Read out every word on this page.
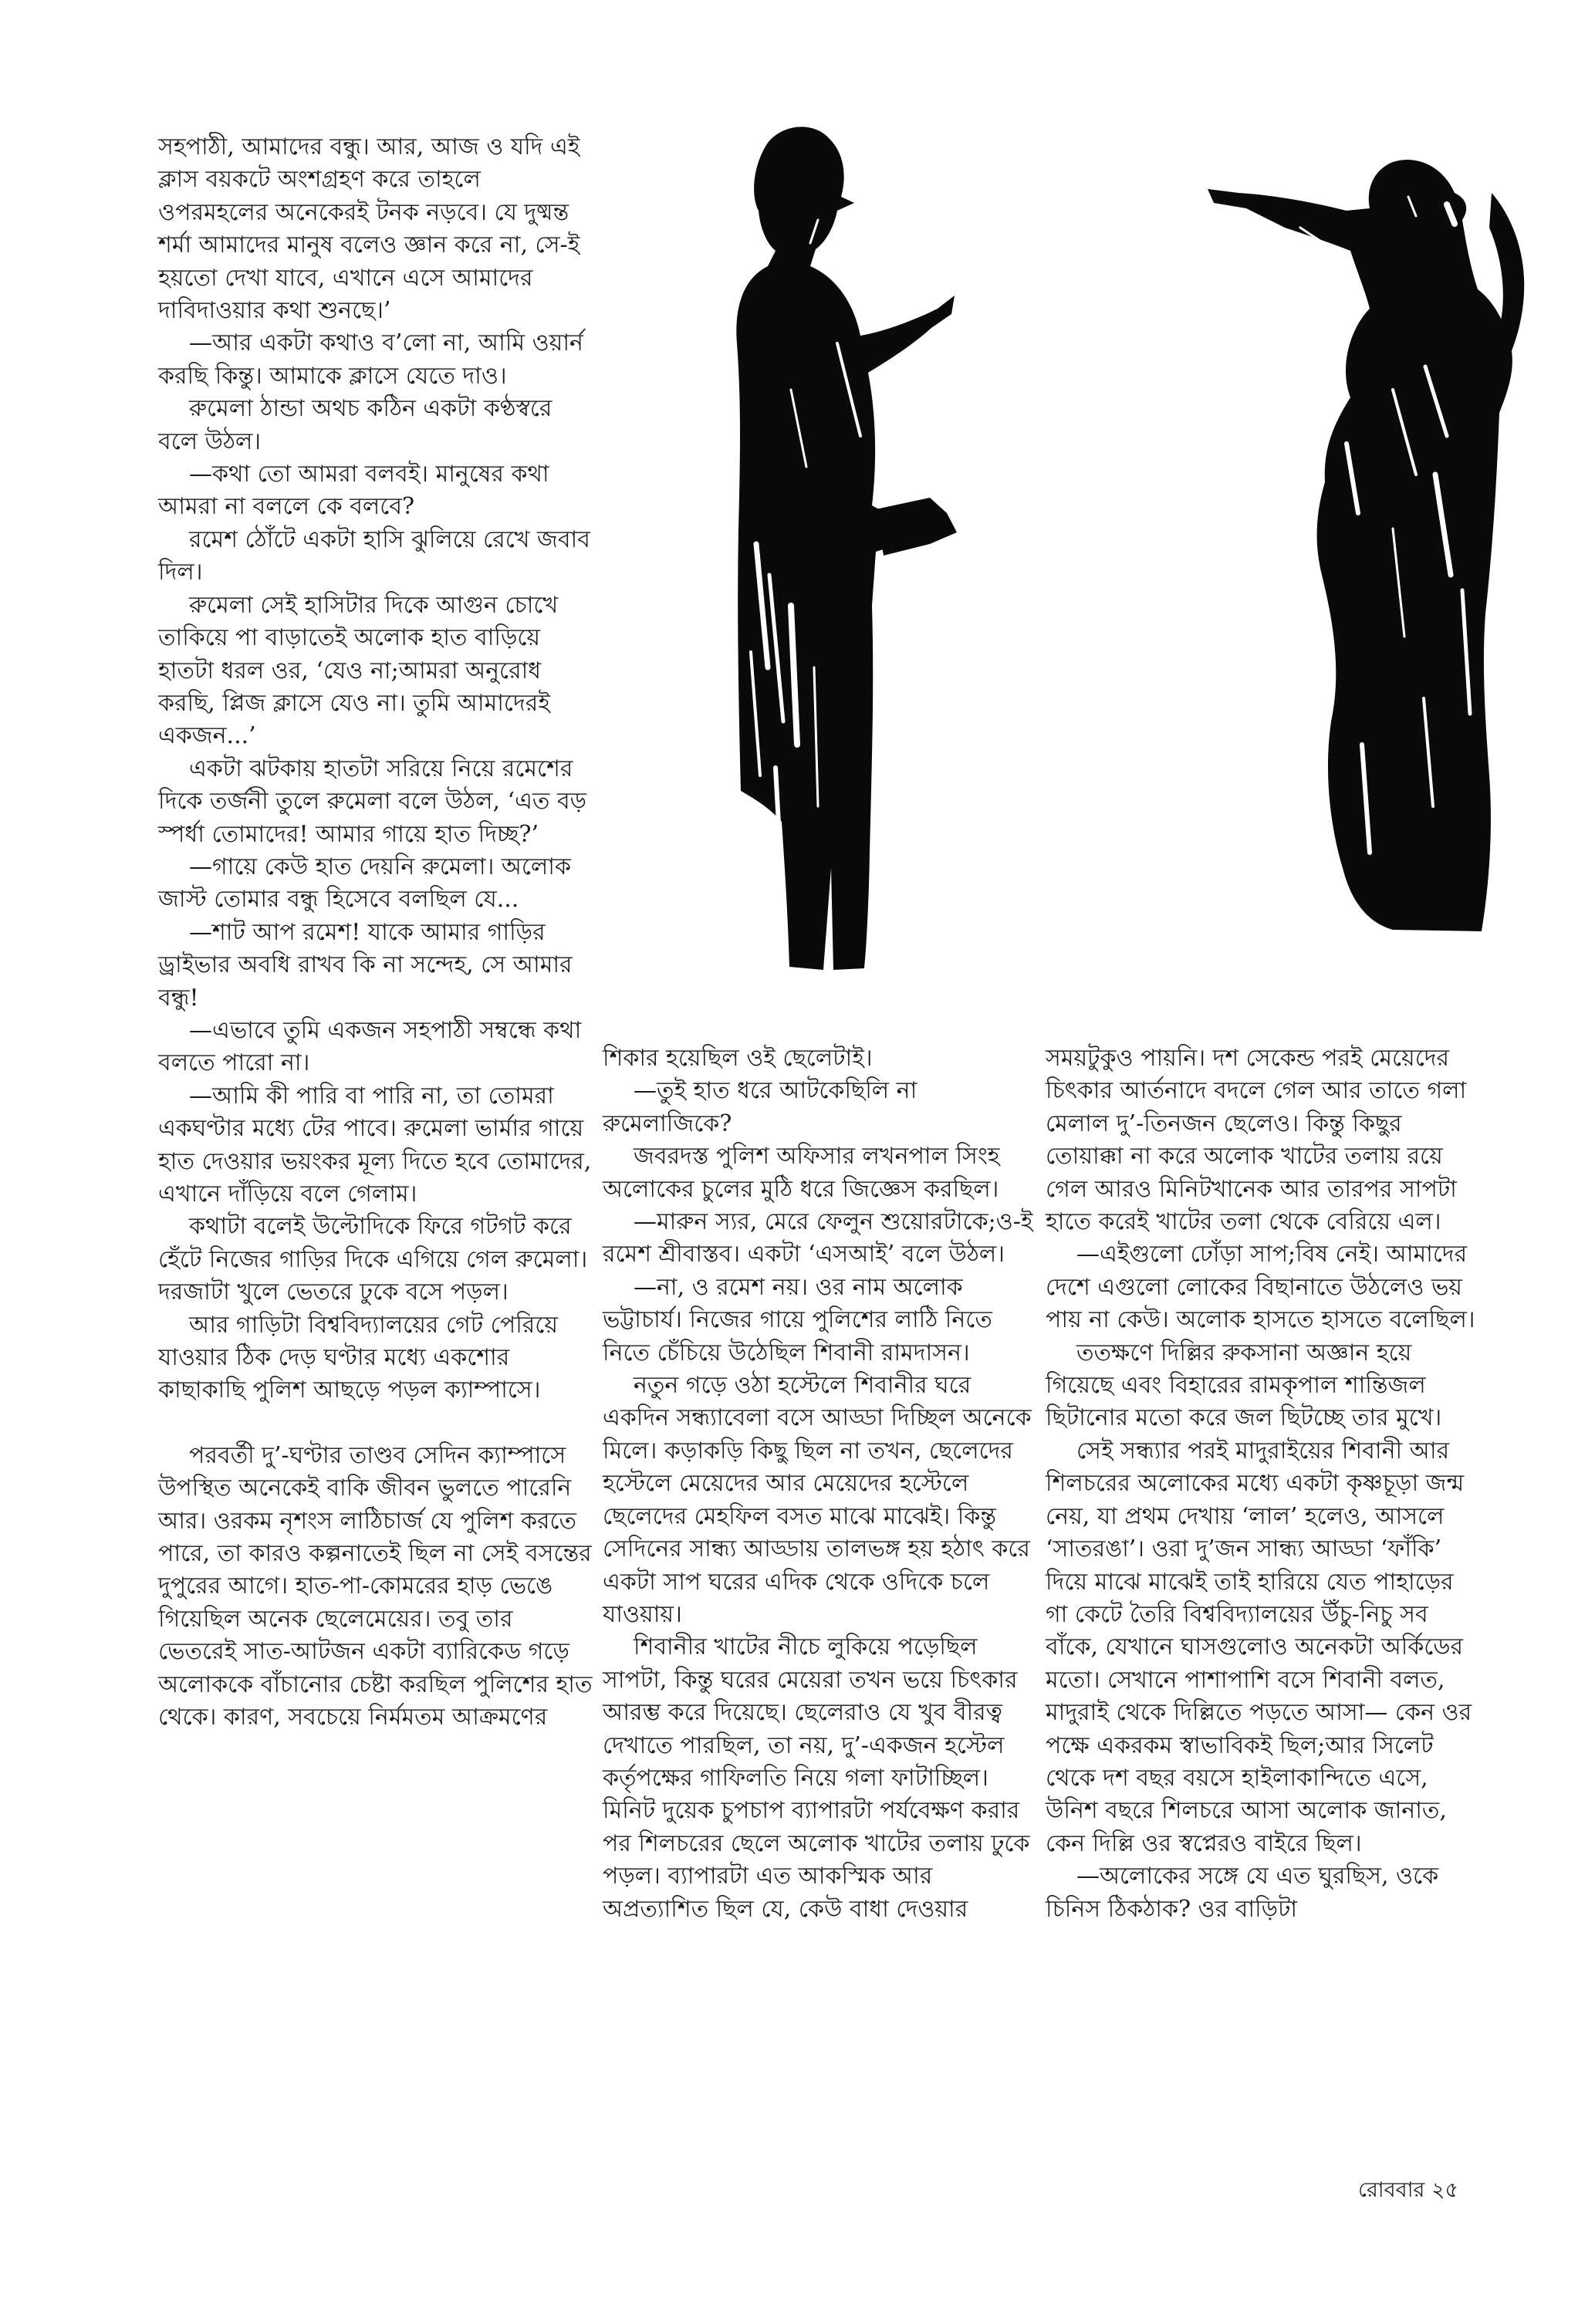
সহপাঠী, আমাদের বন্ধু। আর, আজ ও যদি এই ক্লাস বয়কটে অংশগ্রহণ করে তাহলে ওপরমহলের অনেকেরই টনক নড়বে। যে দুষ্মন্ত শর্মা আমাদের মানুষ বলেও জ্ঞান করে না, সে-ই হয়তো দেখা যাবে, এখানে এসে আমাদের দাবিদাওয়ার কথা শুনছে।’

—আর একটা কথাও ব’লো না, আমি ওয়ার্ন করছি কিন্তু। আমাকে ক্লাসে যেতে দাও।

রুমেলা ঠান্ডা অথচ কঠিন একটা কণ্ঠস্বরে বলে উঠল।

—কথা তো আমরা বলবই। মানুষের কথা আমরা না বললে কে বলবে?

রমেশ ঠোঁটে একটা হাসি ঝুলিয়ে রেখে জবাব দিল।

রুমেলা সেই হাসিটার দিকে আগুন চোখে তাকিয়ে পা বাড়াতেই অলোক হাত বাড়িয়ে হাতটা ধরল ওর, ‘যেও না;আমরা অনুরোধ করছি, প্লিজ ক্লাসে যেও না। তুমি আমাদেরই একজন...’

একটা ঝটকায় হাতটা সরিয়ে নিয়ে রমেশের দিকে তর্জনী তুলে রুমেলা বলে উঠল, ‘এত বড় স্পর্ধা তোমাদের! আমার গায়ে হাত দিচ্ছ?’

—গায়ে কেউ হাত দেয়নি রুমেলা। অলোক জাস্ট তোমার বন্ধু হিসেবে বলছিল যে...

—শাট আপ রমেশ! যাকে আমার গাড়ির ড্রাইভার অবধি রাখব কি না সন্দেহ, সে আমার বন্ধু!

—এভাবে তুমি একজন সহপাঠী সম্বন্ধে কথা বলতে পারো না।

—আমি কী পারি বা পারি না, তা তোমরা একঘণ্টার মধ্যে টের পাবে। রুমেলা ভার্মার গায়ে হাত দেওয়ার ভয়ংকর মূল্য দিতে হবে তোমাদের, এখানে দাঁড়িয়ে বলে গেলাম।

কথাটা বলেই উল্টোদিকে ফিরে গটগট করে হেঁটে নিজের গাড়ির দিকে এগিয়ে গেল রুমেলা। দরজাটা খুলে ভেতরে ঢুকে বসে পড়ল।

আর গাড়িটা বিশ্ববিদ্যালয়ের গেট পেরিয়ে যাওয়ার ঠিক দেড় ঘণ্টার মধ্যে একশোর কাছাকাছি পুলিশ আছড়ে পড়ল ক্যাম্পাসে।

পরবর্তী দু’-ঘণ্টার তাণ্ডব সেদিন ক্যাম্পাসে উপস্থিত অনেকেই বাকি জীবন ভুলতে পারেনি আর। ওরকম নৃশংস লাঠিচার্জ যে পুলিশ করতে পারে, তা কারও কল্পনাতেই ছিল না সেই বসন্তের দুপুরের আগে। হাত-পা-কোমরের হাড় ভেঙে গিয়েছিল অনেক ছেলেমেয়ের। তবু তার ভেতরেই সাত-আটজন একটা ব্যারিকেড গড়ে অলোককে বাঁচানোর চেষ্টা করছিল পুলিশের হাত থেকে। কারণ, সবচেয়ে নির্মমতম আক্রমণের

শিকার হয়েছিল ওই ছেলেটাই।

—তুই হাত ধরে আটকেছিলি না রুমেলাজিকে?

জবরদস্ত পুলিশ অফিসার লখনপাল সিংহ অলোকের চুলের মুঠি ধরে জিজ্ঞেস করছিল।

—মারুন স্যর, মেরে ফেলুন শুয়োরটাকে;ও-ই রমেশ শ্রীবাস্তব। একটা ‘এসআই’ বলে উঠল।

—না, ও রমেশ নয়। ওর নাম অলোক ভট্টাচার্য। নিজের গায়ে পুলিশের লাঠি নিতে নিতে চেঁচিয়ে উঠেছিল শিবানী রামদাসন।

নতুন গড়ে ওঠা হস্টেলে শিবানীর ঘরে একদিন সন্ধ্যাবেলা বসে আড্ডা দিচ্ছিল অনেকে মিলে। কড়াকড়ি কিছু ছিল না তখন, ছেলেদের হস্টেলে মেয়েদের আর মেয়েদের হস্টেলে ছেলেদের মেহফিল বসত মাঝে মাঝেই। কিন্তু সেদিনের সান্ধ্য আড্ডায় তালভঙ্গ হয় হঠাৎ করে একটা সাপ ঘরের এদিক থেকে ওদিকে চলে যাওয়ায়।

শিবানীর খাটের নীচে লুকিয়ে পড়েছিল সাপটা, কিন্তু ঘরের মেয়েরা তখন ভয়ে চিৎকার আরম্ভ করে দিয়েছে। ছেলেরাও যে খুব বীরত্ব দেখাতে পারছিল, তা নয়, দু’-একজন হস্টেল কর্তৃপক্ষের গাফিলতি নিয়ে গলা ফাটাচ্ছিল। মিনিট দুয়েক চুপচাপ ব্যাপারটা পর্যবেক্ষণ করার পর শিলচরের ছেলে অলোক খাটের তলায় ঢুকে পড়ল। ব্যাপারটা এত আকস্মিক আর অপ্রত্যাশিত ছিল যে, কেউ বাধা দেওয়ার

সময়টুকুও পায়নি। দশ সেকেন্ড পরই মেয়েদের চিৎকার আর্তনাদে বদলে গেল আর তাতে গলা মেলাল দু’-তিনজন ছেলেও। কিন্তু কিছুর তোয়াক্কা না করে অলোক খাটের তলায় রয়ে গেল আরও মিনিটখানেক আর তারপর সাপটা হাতে করেই খাটের তলা থেকে বেরিয়ে এল।

—এইগুলো ঢোঁড়া সাপ;বিষ নেই। আমাদের দেশে এগুলো লোকের বিছানাতে উঠলেও ভয় পায় না কেউ। অলোক হাসতে হাসতে বলেছিল।

ততক্ষণে দিল্লির রুকসানা অজ্ঞান হয়ে গিয়েছে এবং বিহারের রামকৃপাল শান্তিজল ছিটানোর মতো করে জল ছিটচ্ছে তার মুখে।

সেই সন্ধ্যার পরই মাদুরাইয়ের শিবানী আর শিলচরের অলোকের মধ্যে একটা কৃষ্ণচূড়া জন্ম নেয়, যা প্রথম দেখায় ‘লাল’ হলেও, আসলে ‘সাতরঙা’। ওরা দু’জন সান্ধ্য আড্ডা ‘ফাঁকি’ দিয়ে মাঝে মাঝেই তাই হারিয়ে যেত পাহাড়ের গা কেটে তৈরি বিশ্ববিদ্যালয়ের উঁচু-নিচু সব বাঁকে, যেখানে ঘাসগুলোও অনেকটা অর্কিডের মতো। সেখানে পাশাপাশি বসে শিবানী বলত, মাদুরাই থেকে দিল্লিতে পড়তে আসা— কেন ওর পক্ষে একরকম স্বাভাবিকই ছিল;আর সিলেট থেকে দশ বছর বয়সে হাইলাকান্দিতে এসে, উনিশ বছরে শিলচরে আসা অলোক জানাত, কেন দিল্লি ওর স্বপ্নেরও বাইরে ছিল।

—অলোকের সঙ্গে যে এত ঘুরছিস, ওকে চিনিস ঠিকঠাক? ওর বাড়িটা

রোববার ২৫
